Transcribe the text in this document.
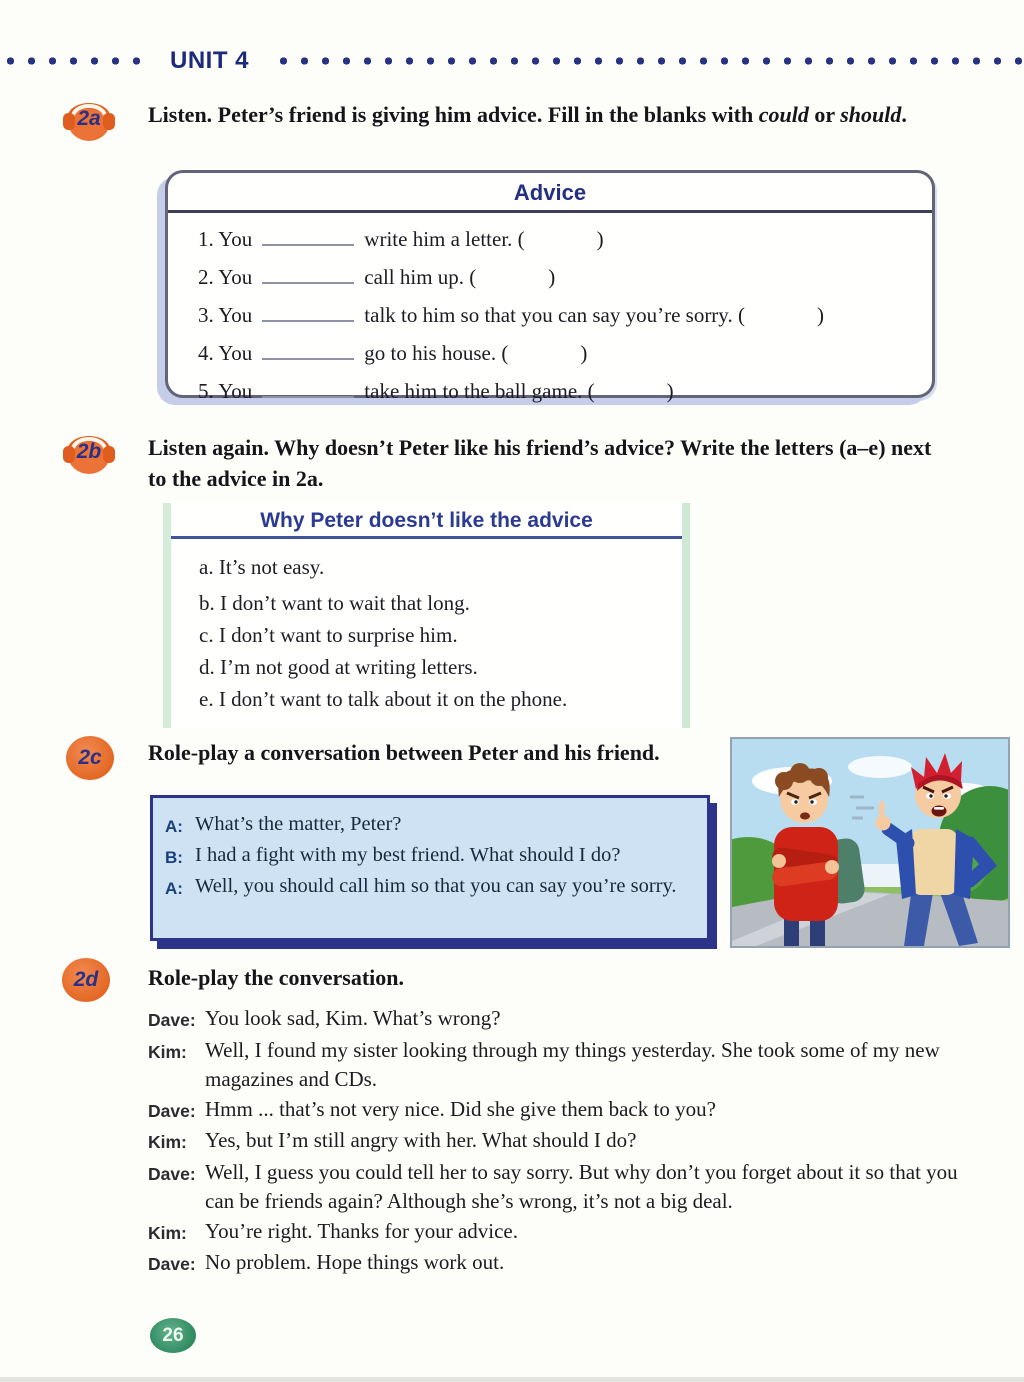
UNIT 4
2a	Listen. Peter’s friend is giving him advice. Fill in the blanks with could or should.
Advice
1. You	write him a letter. (	)
2. You	call him up. (	)
3. You	talk to him so that you can say you’re sorry. (	)
4. You	go to his house. (	)
5. You	take him to the ball game. (	)
2b	Listen again. Why doesn’t Peter like his friend’s advice? Write the letters (a–e) next to the advice in 2a.
Why Peter doesn’t like the advice
a. It’s not easy.
b. I don’t want to wait that long.
c. I don’t want to surprise him.
d. I’m not good at writing letters.
e. I don’t want to talk about it on the phone.
2c	Role-play a conversation between Peter and his friend.
A: What’s the matter, Peter?
B: I had a fight with my best friend. What should I do?
A: Well, you should call him so that you can say you’re sorry.
2d	Role-play the conversation.
Dave: You look sad, Kim. What’s wrong?
Kim: Well, I found my sister looking through my things yesterday. She took some of my new magazines and CDs.
Dave: Hmm ... that’s not very nice. Did she give them back to you?
Kim: Yes, but I’m still angry with her. What should I do?
Dave: Well, I guess you could tell her to say sorry. But why don’t you forget about it so that you can be friends again? Although she’s wrong, it’s not a big deal.
Kim: You’re right. Thanks for your advice.
Dave: No problem. Hope things work out.
26
